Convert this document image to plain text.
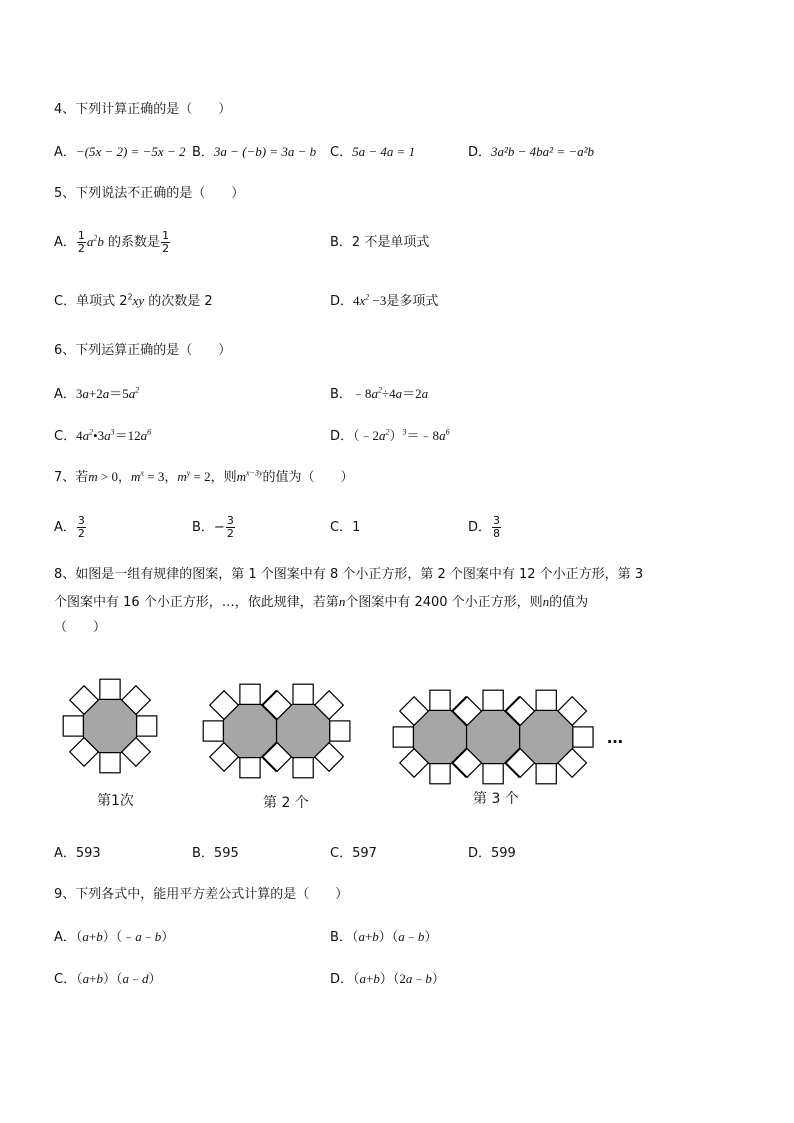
4、下列计算正确的是（　　）
A．−(5x − 2) = −5x − 2 B．3a − (−b) = 3a − b C．5a − 4a = 1	D．3a²b − 4ba² = −a²b
5、下列说法不正确的是（　　）
A． $\frac{1}{2} a^2b$ 的系数是 $\frac{1}{2}$	B．2 不是单项式
C．单项式 $2^2xy$ 的次数是 2	D．$4x^2 -3$是多项式
6、下列运算正确的是（　　）
A．$3a+2a=5a^2$	B．$﹣8a^2\div 4a=2a$
C．$4a^2•3a^3=12a^6$	D．$(﹣2a^2)^3=﹣8a^6$
7、若m > 0，$m^x = 3$，$m^y = 2$，则$m^{x-3y}$的值为（　　）
A． $\frac{3}{2}$	B．− $\frac{3}{2}$	C．1	D． $\frac{3}{8}$
8、如图是一组有规律的图案，第 1 个图案中有 8 个小正方形，第 2 个图案中有 12 个小正方形，第 3
个图案中有 16 个小正方形，…，依此规律，若第n个图案中有 2400 个小正方形，则n的值为
（　　）
第1次	第 2 个	第 3 个
…
A．593	B．595	C．597	D．599
9、下列各式中，能用平方差公式计算的是（　　）
A．（a+b）（﹣a﹣b）	B．（a+b）（a﹣b）
C．（a+b）（a﹣d）	D．（a+b）（2a﹣b）
